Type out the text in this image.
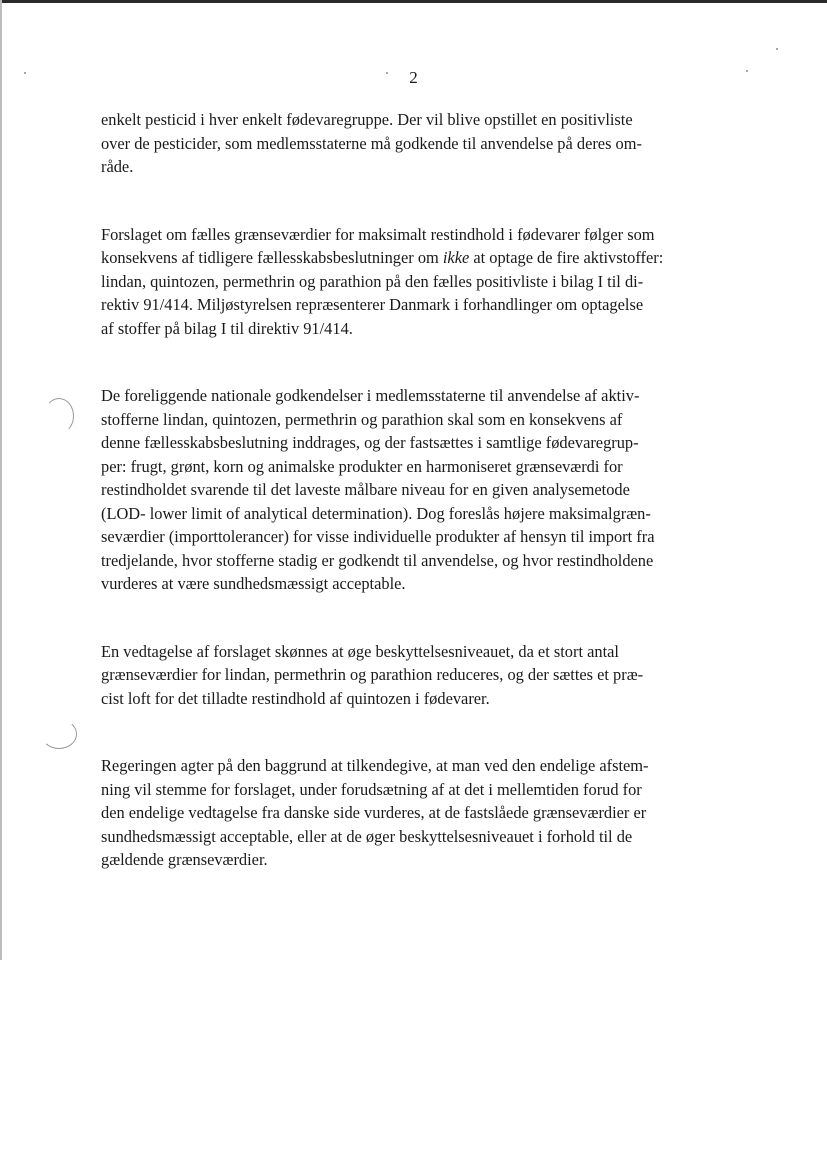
2

enkelt pesticid i hver enkelt fødevaregruppe. Der vil blive opstillet en positivliste
over de pesticider, som medlemsstaterne må godkende til anvendelse på deres om-
råde.

Forslaget om fælles grænseværdier for maksimalt restindhold i fødevarer følger som
konsekvens af tidligere fællesskabsbeslutninger om ikke at optage de fire aktivstoffer:
lindan, quintozen, permethrin og parathion på den fælles positivliste i bilag I til di-
rektiv 91/414. Miljøstyrelsen repræsenterer Danmark i forhandlinger om optagelse
af stoffer på bilag I til direktiv 91/414.

De foreliggende nationale godkendelser i medlemsstaterne til anvendelse af aktiv-
stofferne lindan, quintozen, permethrin og parathion skal som en konsekvens af
denne fællesskabsbeslutning inddrages, og der fastsættes i samtlige fødevaregrup-
per: frugt, grønt, korn og animalske produkter en harmoniseret grænseværdi for
restindholdet svarende til det laveste målbare niveau for en given analysemetode
(LOD- lower limit of analytical determination). Dog foreslås højere maksimalgræn-
seværdier (importtolerancer) for visse individuelle produkter af hensyn til import fra
tredjelande, hvor stofferne stadig er godkendt til anvendelse, og hvor restindholdene
vurderes at være sundhedsmæssigt acceptable.

En vedtagelse af forslaget skønnes at øge beskyttelsesniveauet, da et stort antal
grænseværdier for lindan, permethrin og parathion reduceres, og der sættes et præ-
cist loft for det tilladte restindhold af quintozen i fødevarer.

Regeringen agter på den baggrund at tilkendegive, at man ved den endelige afstem-
ning vil stemme for forslaget, under forudsætning af at det i mellemtiden forud for
den endelige vedtagelse fra danske side vurderes, at de fastslåede grænseværdier er
sundhedsmæssigt acceptable, eller at de øger beskyttelsesniveauet i forhold til de
gældende grænseværdier.
